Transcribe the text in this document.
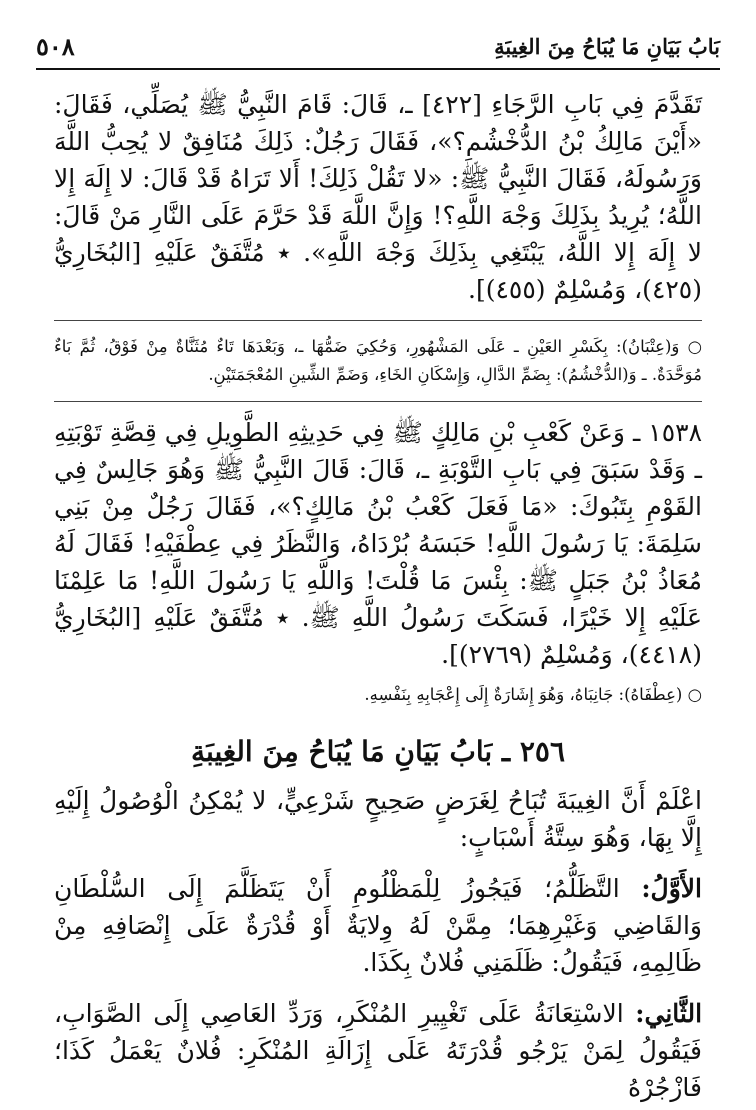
بَابُ بَيَانِ مَا يُبَاحُ مِنَ الغِيبَةِ
٥٠٨

تَقَدَّمَ فِي بَابِ الرَّجَاءِ [٤٢٢] ـ، قَالَ: قَامَ النَّبِيُّ ﷺ يُصَلِّي، فَقَالَ: «أَيْنَ مَالِكُ بْنُ الدُّخْشُمِ؟»، فَقَالَ رَجُلٌ: ذَلِكَ مُنَافِقٌ لا يُحِبُّ اللَّهَ وَرَسُولَهُ، فَقَالَ النَّبِيُّ ﷺ: «لا تَقُلْ ذَلِكَ! أَلا تَرَاهُ قَدْ قَالَ: لا إِلَهَ إِلا اللَّهُ؛ يُرِيدُ بِذَلِكَ وَجْهَ اللَّهِ؟! وَإِنَّ اللَّهَ قَدْ حَرَّمَ عَلَى النَّارِ مَنْ قَالَ: لا إِلَهَ إِلا اللَّهُ، يَبْتَغِي بِذَلِكَ وَجْهَ اللَّهِ». ٭ مُتَّفَقٌ عَلَيْهِ [البُخَارِيُّ (٤٢٥)، وَمُسْلِمٌ (٤٥٥)].

○ وَ(عِتْبَانُ): بِكَسْرِ العَيْنِ ـ عَلَى المَشْهُورِ، وَحُكِيَ ضَمُّهَا ـ، وَبَعْدَهَا تَاءٌ مُثَنَّاةٌ مِنْ فَوْقُ، ثُمَّ بَاءٌ مُوَحَّدَةٌ. ـ وَ(الدُّخْشُمُ): بِضَمِّ الدَّالِ، وَإِسْكَانِ الخَاءِ، وَضَمِّ الشِّينِ المُعْجَمَتَيْنِ.

١٥٣٨ ـ وَعَنْ كَعْبِ بْنِ مَالِكٍ ﷺ فِي حَدِيثِهِ الطَّوِيلِ فِي قِصَّةِ تَوْبَتِهِ ـ وَقَدْ سَبَقَ فِي بَابِ التَّوْبَةِ ـ، قَالَ: قَالَ النَّبِيُّ ﷺ وَهُوَ جَالِسٌ فِي القَوْمِ بِتَبُوكَ: «مَا فَعَلَ كَعْبُ بْنُ مَالِكٍ؟»، فَقَالَ رَجُلٌ مِنْ بَنِي سَلِمَةَ: يَا رَسُولَ اللَّهِ! حَبَسَهُ بُرْدَاهُ، وَالنَّظَرُ فِي عِطْفَيْهِ! فَقَالَ لَهُ مُعَاذُ بْنُ جَبَلٍ ﷺ: بِئْسَ مَا قُلْتَ! وَاللَّهِ يَا رَسُولَ اللَّهِ! مَا عَلِمْنَا عَلَيْهِ إِلا خَيْرًا، فَسَكَتَ رَسُولُ اللَّهِ ﷺ. ٭ مُتَّفَقٌ عَلَيْهِ [البُخَارِيُّ (٤٤١٨)، وَمُسْلِمٌ (٢٧٦٩)].

○ (عِطْفَاهُ): جَانِبَاهُ، وَهُوَ إِشَارَةٌ إِلَى إِعْجَابِهِ بِنَفْسِهِ.

٢٥٦ ـ بَابُ بَيَانِ مَا يُبَاحُ مِنَ الغِيبَةِ

اعْلَمْ أَنَّ الغِيبَةَ تُبَاحُ لِغَرَضٍ صَحِيحٍ شَرْعِيٍّ، لا يُمْكِنُ الْوُصُولُ إِلَيْهِ إِلَّا بِهَا، وَهُوَ سِتَّةُ أَسْبَابٍ:

الأَوَّلُ: التَّظَلُّمُ؛ فَيَجُوزُ لِلْمَظْلُومِ أَنْ يَتَظَلَّمَ إِلَى السُّلْطَانِ وَالقَاضِي وَغَيْرِهِمَا؛ مِمَّنْ لَهُ وِلايَةٌ أَوْ قُدْرَةٌ عَلَى إِنْصَافِهِ مِنْ ظَالِمِهِ، فَيَقُولُ: ظَلَمَنِي فُلانٌ بِكَذَا.

الثَّانِي: الاسْتِعَانَةُ عَلَى تَغْيِيرِ المُنْكَرِ، وَرَدِّ العَاصِي إِلَى الصَّوَابِ، فَيَقُولُ لِمَنْ يَرْجُو قُدْرَتَهُ عَلَى إِزَالَةِ المُنْكَرِ: فُلانٌ يَعْمَلُ كَذَا؛ فَازْجُرْهُ
